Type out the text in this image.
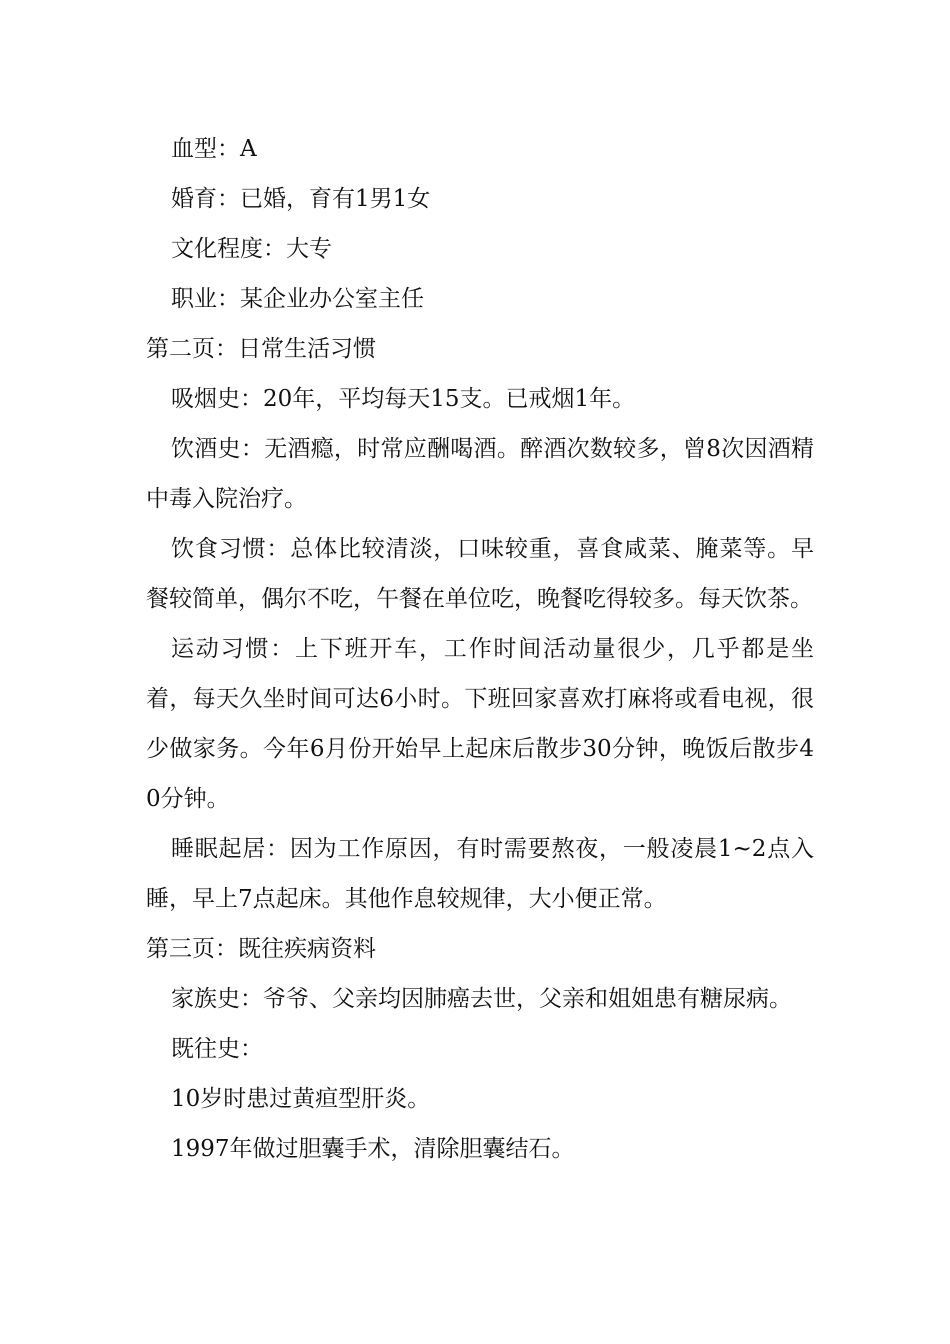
血型：A

婚育：已婚，育有1男1女

文化程度：大专

职业：某企业办公室主任

第二页：日常生活习惯

吸烟史：20年，平均每天15支。已戒烟1年。

饮酒史：无酒瘾，时常应酬喝酒。醉酒次数较多，曾8次因酒精中毒入院治疗。

饮食习惯：总体比较清淡，口味较重，喜食咸菜、腌菜等。早餐较简单，偶尔不吃，午餐在单位吃，晚餐吃得较多。每天饮茶。

运动习惯：上下班开车，工作时间活动量很少，几乎都是坐着，每天久坐时间可达6小时。下班回家喜欢打麻将或看电视，很少做家务。今年6月份开始早上起床后散步30分钟，晚饭后散步40分钟。

睡眠起居：因为工作原因，有时需要熬夜，一般凌晨1~2点入睡，早上7点起床。其他作息较规律，大小便正常。

第三页：既往疾病资料

家族史：爷爷、父亲均因肺癌去世，父亲和姐姐患有糖尿病。

既往史：

10岁时患过黄疸型肝炎。

1997年做过胆囊手术，清除胆囊结石。
